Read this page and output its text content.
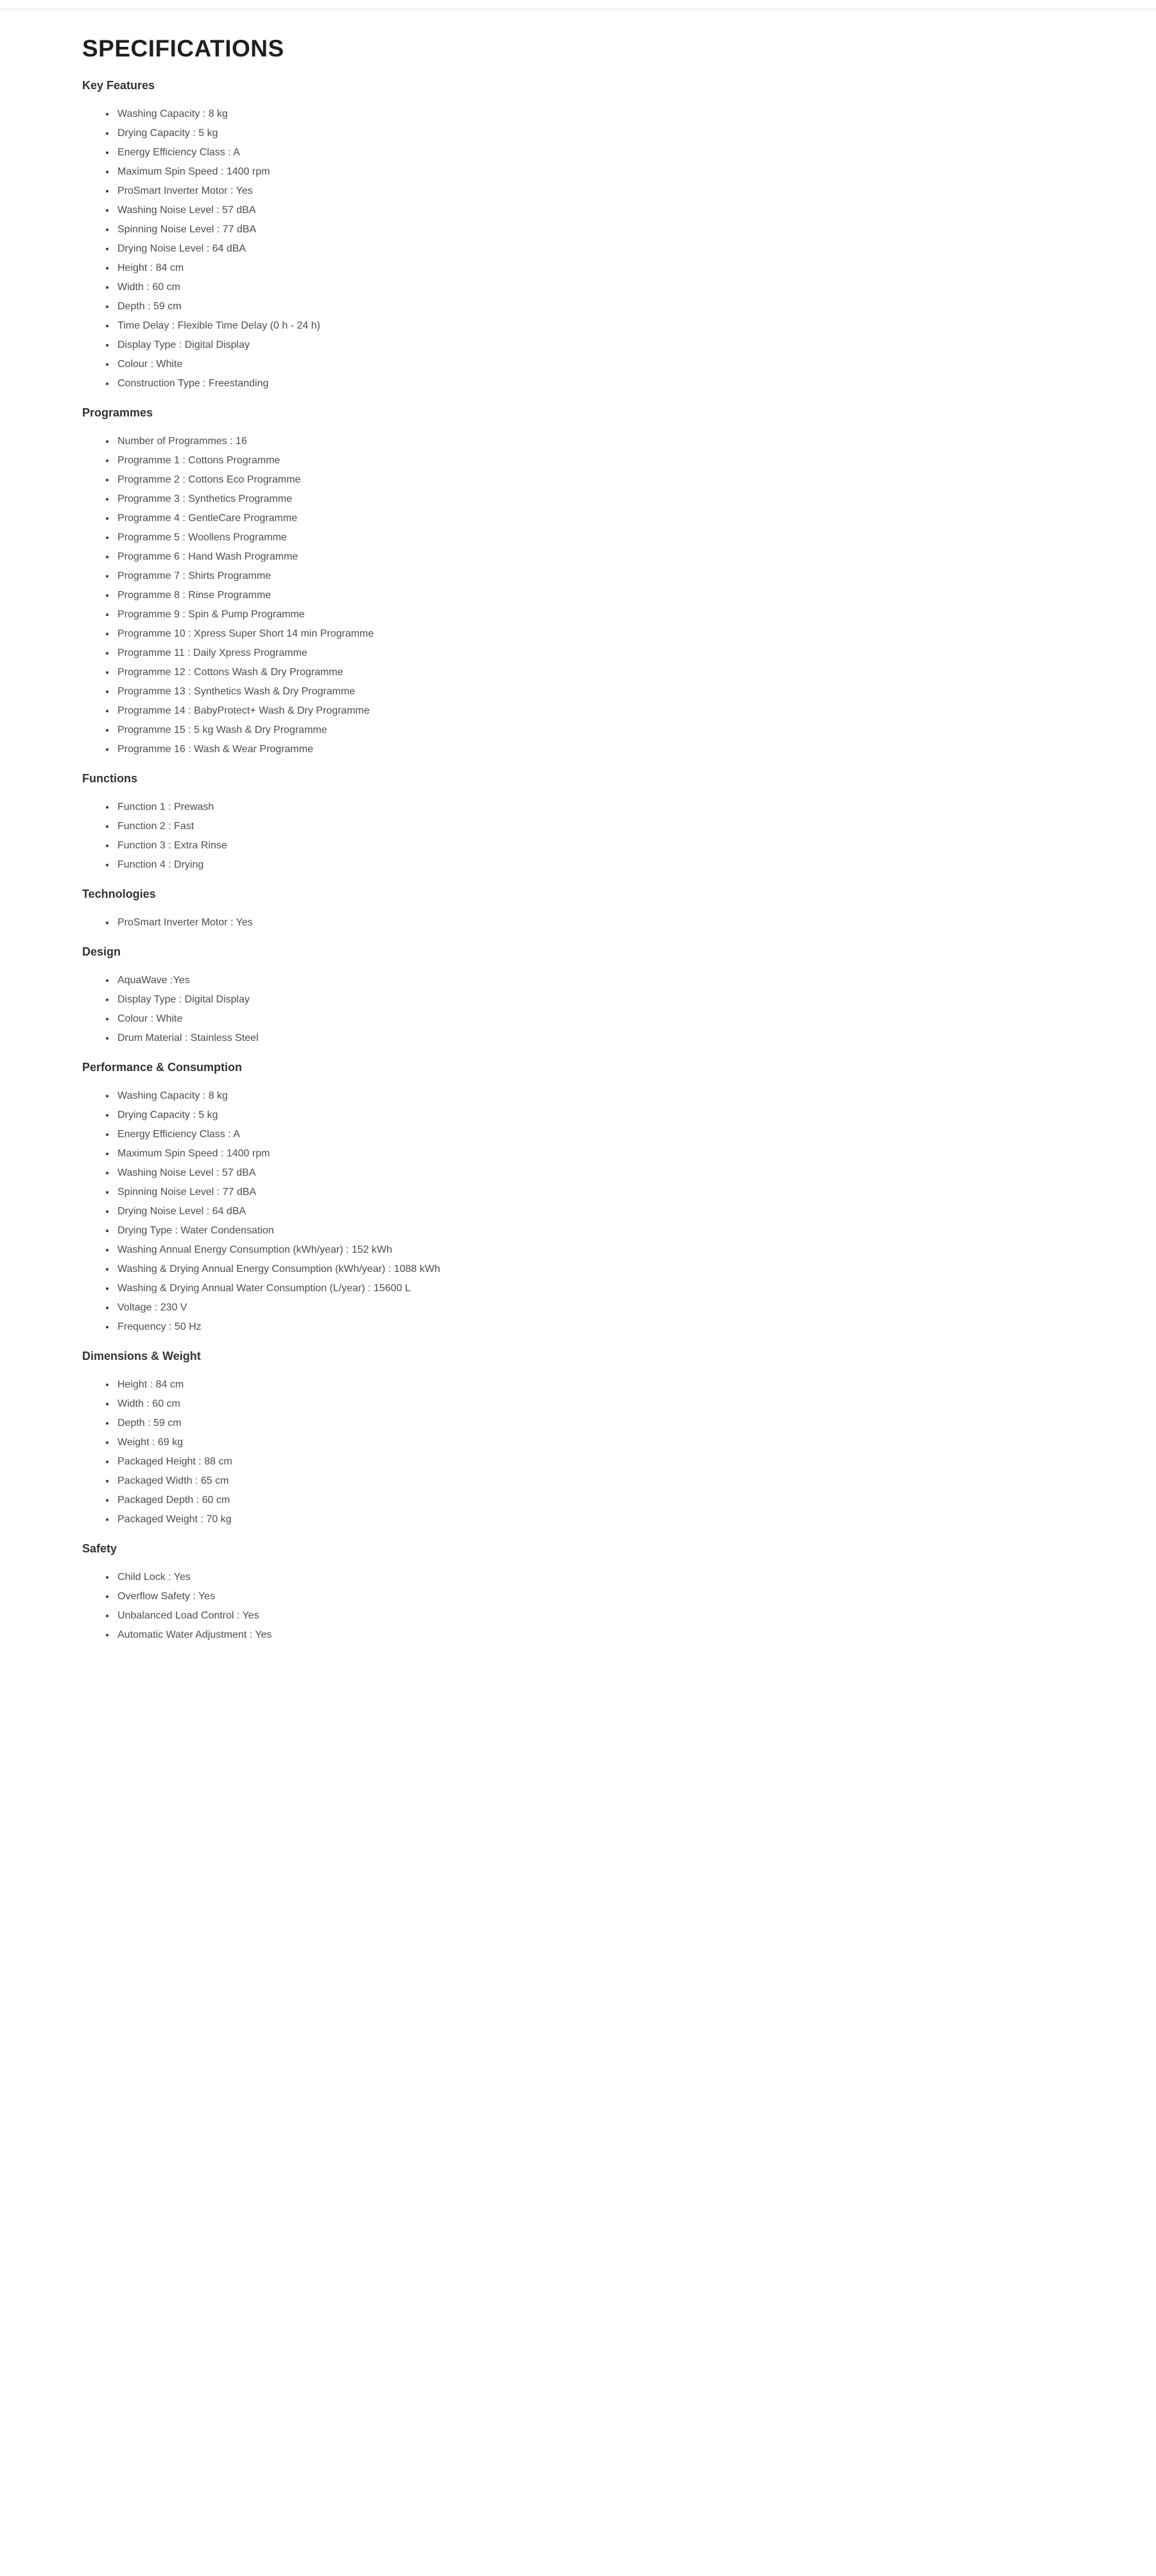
SPECIFICATIONS
Key Features
Washing Capacity : 8 kg
Drying Capacity : 5 kg
Energy Efficiency Class : A
Maximum Spin Speed : 1400 rpm
ProSmart Inverter Motor : Yes
Washing Noise Level : 57 dBA
Spinning Noise Level : 77 dBA
Drying Noise Level : 64 dBA
Height : 84 cm
Width : 60 cm
Depth : 59 cm
Time Delay : Flexible Time Delay (0 h - 24 h)
Display Type : Digital Display
Colour : White
Construction Type : Freestanding
Programmes
Number of Programmes : 16
Programme 1 : Cottons Programme
Programme 2 : Cottons Eco Programme
Programme 3 : Synthetics Programme
Programme 4 : GentleCare Programme
Programme 5 : Woollens Programme
Programme 6 : Hand Wash Programme
Programme 7 : Shirts Programme
Programme 8 : Rinse Programme
Programme 9 : Spin & Pump Programme
Programme 10 : Xpress Super Short 14 min Programme
Programme 11 : Daily Xpress Programme
Programme 12 : Cottons Wash & Dry Programme
Programme 13 : Synthetics Wash & Dry Programme
Programme 14 : BabyProtect+ Wash & Dry Programme
Programme 15 : 5 kg Wash & Dry Programme
Programme 16 : Wash & Wear Programme
Functions
Function 1 : Prewash
Function 2 : Fast
Function 3 : Extra Rinse
Function 4 : Drying
Technologies
ProSmart Inverter Motor : Yes
Design
AquaWave :Yes
Display Type : Digital Display
Colour : White
Drum Material : Stainless Steel
Performance & Consumption
Washing Capacity : 8 kg
Drying Capacity : 5 kg
Energy Efficiency Class : A
Maximum Spin Speed : 1400 rpm
Washing Noise Level : 57 dBA
Spinning Noise Level : 77 dBA
Drying Noise Level : 64 dBA
Drying Type : Water Condensation
Washing Annual Energy Consumption (kWh/year) : 152 kWh
Washing & Drying Annual Energy Consumption (kWh/year) : 1088 kWh
Washing & Drying Annual Water Consumption (L/year) : 15600 L
Voltage : 230 V
Frequency : 50 Hz
Dimensions & Weight
Height : 84 cm
Width : 60 cm
Depth : 59 cm
Weight : 69 kg
Packaged Height : 88 cm
Packaged Width : 65 cm
Packaged Depth : 60 cm
Packaged Weight : 70 kg
Safety
Child Lock : Yes
Overflow Safety : Yes
Unbalanced Load Control : Yes
Automatic Water Adjustment : Yes
